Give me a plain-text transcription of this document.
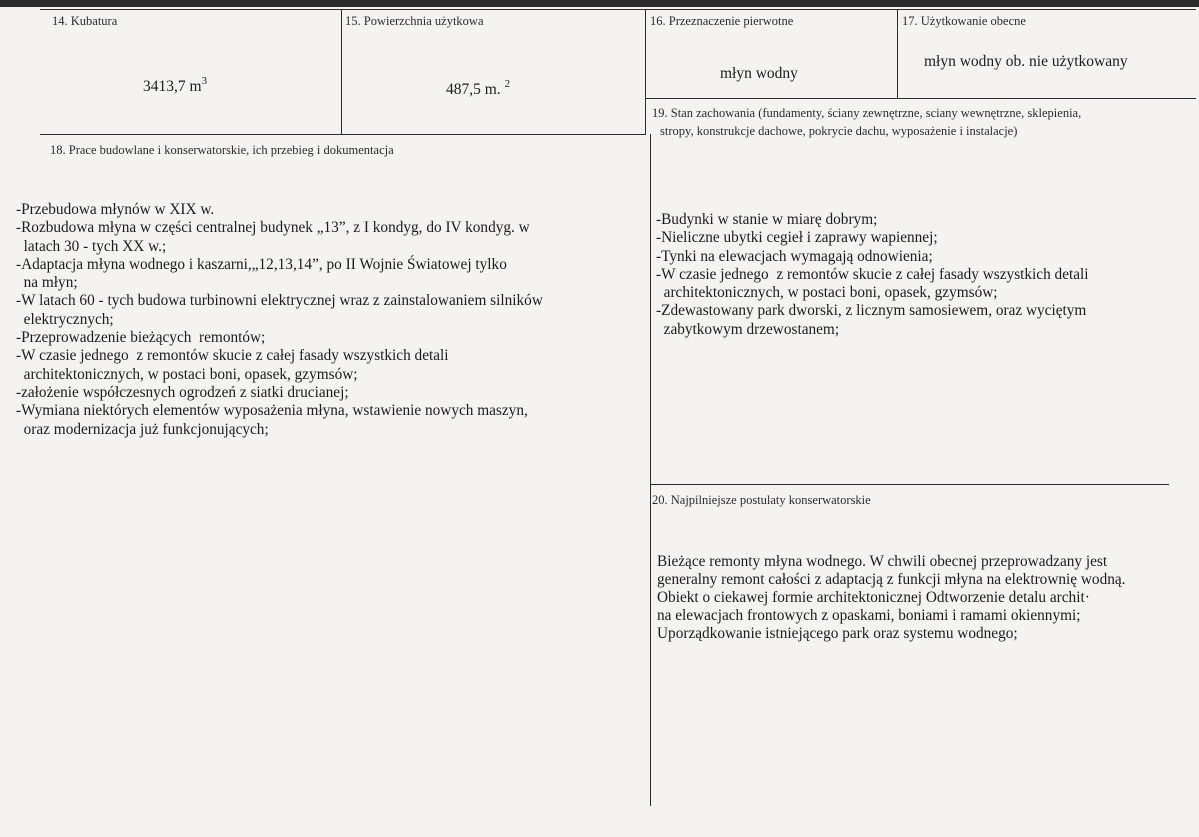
14. Kubatura
3413,7 $m^3$
15. Powierzchnia użytkowa
487,5 m. $^2$
16. Przeznaczenie pierwotne
młyn wodny
17. Użytkowanie obecne
młyn wodny ob. nie użytkowany
18. Prace budowlane i konserwatorskie, ich przebieg i dokumentacja
-Przebudowa młynów w XIX w.
-Rozbudowa młyna w części centralnej budynek „13”, z I kondyg, do IV kondyg. w
latach 30 - tych XX w.;
-Adaptacja młyna wodnego i kaszarni,„12,13,14”, po II Wojnie Światowej tylko
na młyn;
-W latach 60 - tych budowa turbinowni elektrycznej wraz z zainstalowaniem silników
elektrycznych;
-Przeprowadzenie bieżących  remontów;
-W czasie jednego  z remontów skucie z całej fasady wszystkich detali
architektonicznych, w postaci boni, opasek, gzymsów;
-założenie współczesnych ogrodzeń z siatki drucianej;
-Wymiana niektórych elementów wyposażenia młyna, wstawienie nowych maszyn,
oraz modernizacja już funkcjonujących;
19. Stan zachowania (fundamenty, ściany zewnętrzne, sciany wewnętrzne, sklepienia,
stropy, konstrukcje dachowe, pokrycie dachu, wyposażenie i instalacje)
-Budynki w stanie w miarę dobrym;
-Nieliczne ubytki cegieł i zaprawy wapiennej;
-Tynki na elewacjach wymagają odnowienia;
-W czasie jednego  z remontów skucie z całej fasady wszystkich detali
architektonicznych, w postaci boni, opasek, gzymsów;
-Zdewastowany park dworski, z licznym samosiewem, oraz wyciętym
zabytkowym drzewostanem;
20. Najpilniejsze postulaty konserwatorskie
Bieżące remonty młyna wodnego. W chwili obecnej przeprowadzany jest
generalny remont całości z adaptacją z funkcji młyna na elektrownię wodną.
Obiekt o ciekawej formie architektonicznej Odtworzenie detalu archit·
na elewacjach frontowych z opaskami, boniami i ramami okiennymi;
Uporządkowanie istniejącego park oraz systemu wodnego;
